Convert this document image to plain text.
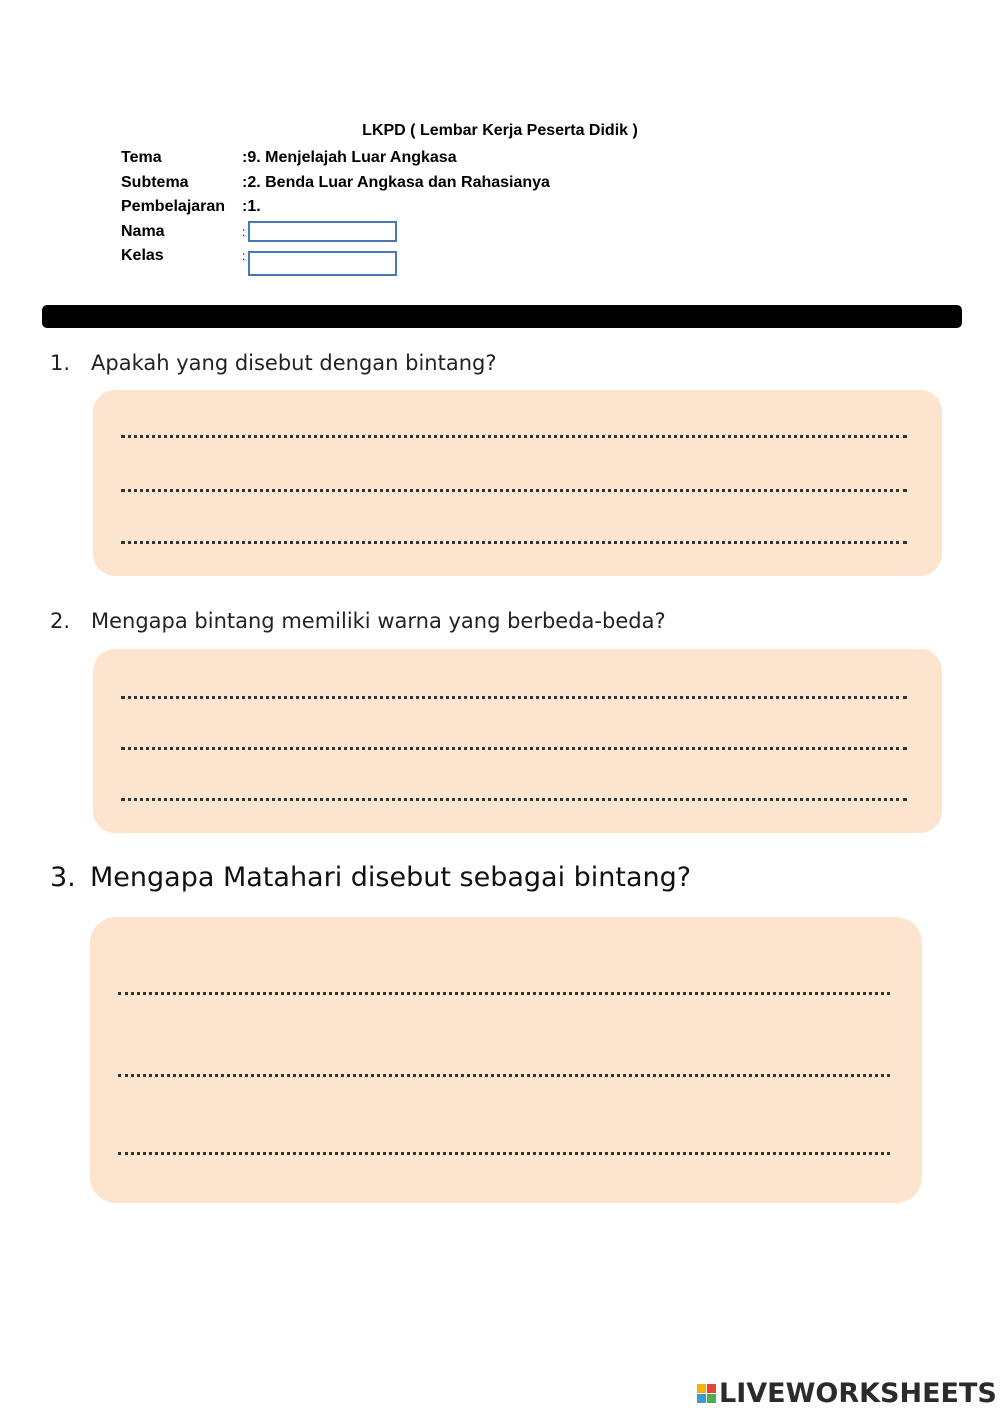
LKPD ( Lembar Kerja Peserta Didik )
Tema	:9. Menjelajah Luar Angkasa
Subtema	:2. Benda Luar Angkasa dan Rahasianya
Pembelajaran :1.
Nama	:
Kelas	:
1. Apakah yang disebut dengan bintang?
2. Mengapa bintang memiliki warna yang berbeda-beda?
3. Mengapa Matahari disebut sebagai bintang?
LIVEWORKSHEETS
